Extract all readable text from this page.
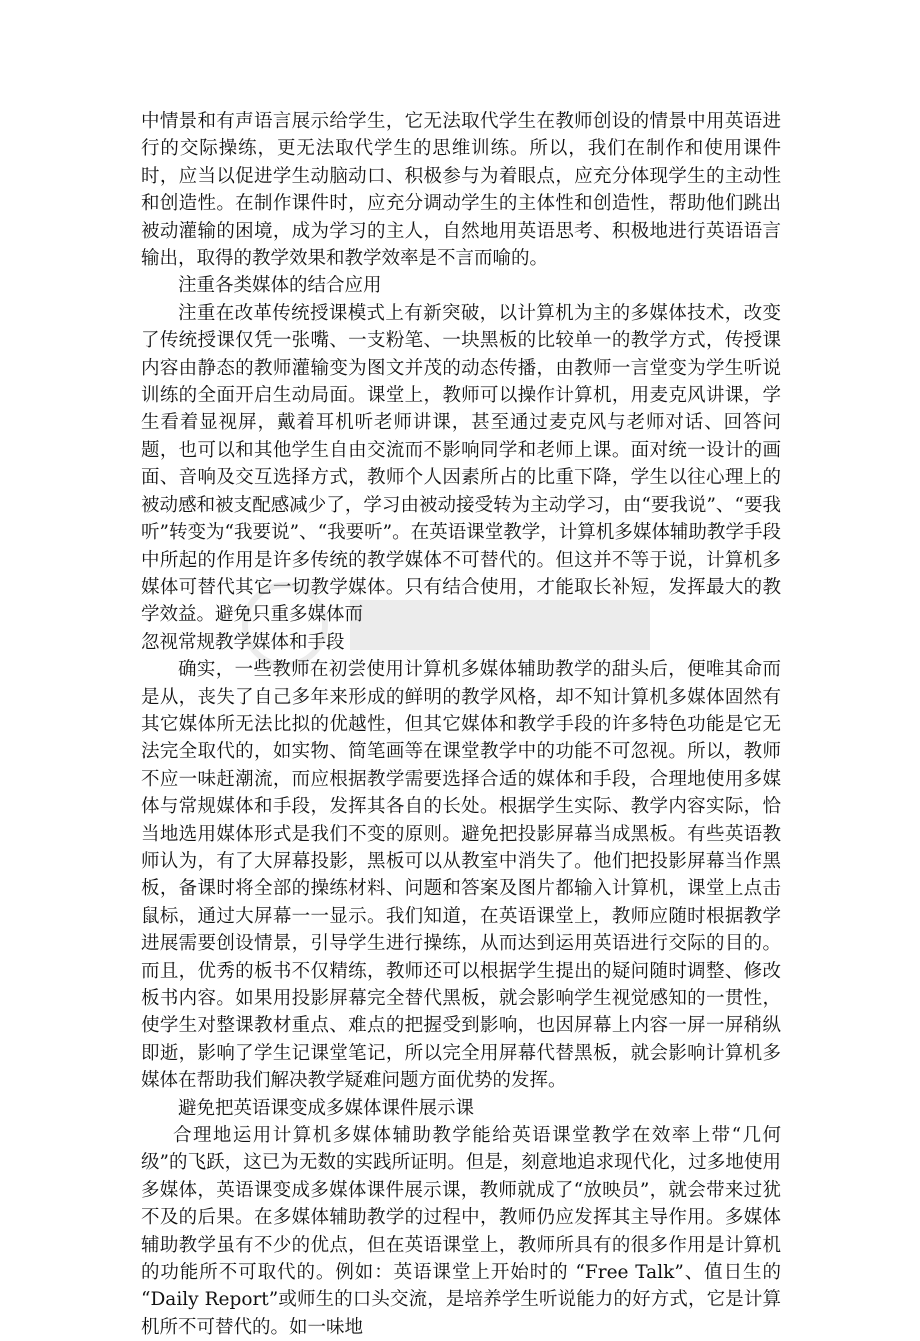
中情景和有声语言展示给学生，它无法取代学生在教师创设的情景中用英语进行的交际操练，更无法取代学生的思维训练。所以，我们在制作和使用课件时，应当以促进学生动脑动口、积极参与为着眼点，应充分体现学生的主动性和创造性。在制作课件时，应充分调动学生的主体性和创造性，帮助他们跳出被动灌输的困境，成为学习的主人，自然地用英语思考、积极地进行英语语言输出，取得的教学效果和教学效率是不言而喻的。

注重各类媒体的结合应用

注重在改革传统授课模式上有新突破，以计算机为主的多媒体技术，改变了传统授课仅凭一张嘴、一支粉笔、一块黑板的比较单一的教学方式，传授课内容由静态的教师灌输变为图文并茂的动态传播，由教师一言堂变为学生听说训练的全面开启生动局面。课堂上，教师可以操作计算机，用麦克风讲课，学生看着显视屏，戴着耳机听老师讲课，甚至通过麦克风与老师对话、回答问题，也可以和其他学生自由交流而不影响同学和老师上课。面对统一设计的画面、音响及交互选择方式，教师个人因素所占的比重下降，学生以往心理上的被动感和被支配感减少了，学习由被动接受转为主动学习，由“要我说”、“要我听”转变为“我要说”、“我要听”。在英语课堂教学，计算机多媒体辅助教学手段中所起的作用是许多传统的教学媒体不可替代的。但这并不等于说，计算机多媒体可替代其它一切教学媒体。只有结合使用，才能取长补短，发挥最大的教学效益。避免只重多媒体而

忽视常规教学媒体和手段

确实，一些教师在初尝使用计算机多媒体辅助教学的甜头后，便唯其命而是从，丧失了自己多年来形成的鲜明的教学风格，却不知计算机多媒体固然有其它媒体所无法比拟的优越性，但其它媒体和教学手段的许多特色功能是它无法完全取代的，如实物、简笔画等在课堂教学中的功能不可忽视。所以，教师不应一味赶潮流，而应根据教学需要选择合适的媒体和手段，合理地使用多媒体与常规媒体和手段，发挥其各自的长处。根据学生实际、教学内容实际，恰当地选用媒体形式是我们不变的原则。避免把投影屏幕当成黑板。有些英语教师认为，有了大屏幕投影，黑板可以从教室中消失了。他们把投影屏幕当作黑板，备课时将全部的操练材料、问题和答案及图片都输入计算机，课堂上点击鼠标，通过大屏幕一一显示。我们知道，在英语课堂上，教师应随时根据教学进展需要创设情景，引导学生进行操练，从而达到运用英语进行交际的目的。而且，优秀的板书不仅精练，教师还可以根据学生提出的疑问随时调整、修改板书内容。如果用投影屏幕完全替代黑板，就会影响学生视觉感知的一贯性，使学生对整课教材重点、难点的把握受到影响，也因屏幕上内容一屏一屏稍纵即逝，影响了学生记课堂笔记，所以完全用屏幕代替黑板，就会影响计算机多媒体在帮助我们解决教学疑难问题方面优势的发挥。

避免把英语课变成多媒体课件展示课

合理地运用计算机多媒体辅助教学能给英语课堂教学在效率上带“几何级”的飞跃，这已为无数的实践所证明。但是，刻意地追求现代化，过多地使用多媒体，英语课变成多媒体课件展示课，教师就成了“放映员”，就会带来过犹不及的后果。在多媒体辅助教学的过程中，教师仍应发挥其主导作用。多媒体辅助教学虽有不少的优点，但在英语课堂上，教师所具有的很多作用是计算机的功能所不可取代的。例如：英语课堂上开始时的 “Free Talk”、值日生的 “Daily Report”或师生的口头交流，是培养学生听说能力的好方式，它是计算机所不可替代的。如一味地
